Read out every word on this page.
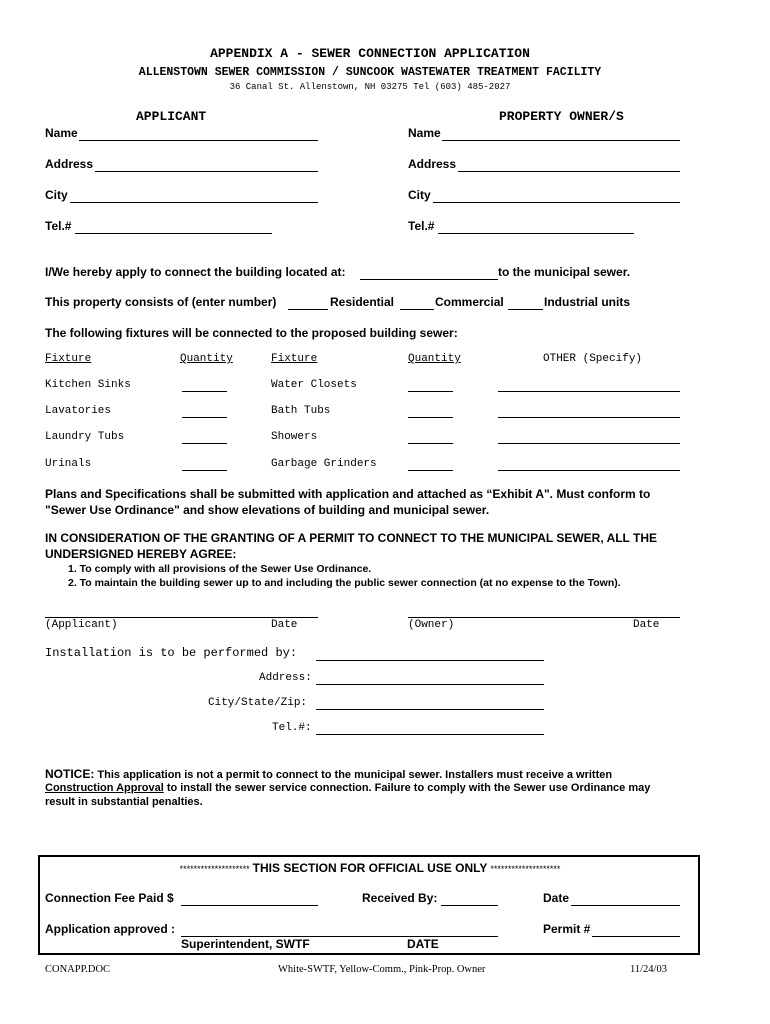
APPENDIX A - SEWER CONNECTION APPLICATION
ALLENSTOWN SEWER COMMISSION / SUNCOOK WASTEWATER TREATMENT FACILITY
36 Canal St. Allenstown, NH 03275 Tel (603) 485-2027
APPLICANT	PROPERTY OWNER/S
Name
Address
City
Tel.#
Name
Address
City
Tel.#
I/We hereby apply to connect the building located at:	to the municipal sewer.
This property consists of (enter number)	Residential	Commercial	Industrial units
The following fixtures will be connected to the proposed building sewer:
Fixture	Quantity	Fixture	Quantity	OTHER (Specify)
Kitchen Sinks	Water Closets
Lavatories	Bath Tubs
Laundry Tubs	Showers
Urinals	Garbage Grinders
Plans and Specifications shall be submitted with application and attached as “Exhibit A". Must conform to
"Sewer Use Ordinance" and show elevations of building and municipal sewer.
IN CONSIDERATION OF THE GRANTING OF A PERMIT TO CONNECT TO THE MUNICIPAL SEWER, ALL THE
UNDERSIGNED HEREBY AGREE:
1. To comply with all provisions of the Sewer Use Ordinance.
2. To maintain the building sewer up to and including the public sewer connection (at no expense to the Town).
(Applicant)	Date	(Owner)	Date
Installation is to be performed by:
Address:
City/State/Zip:
Tel.#:
NOTICE: This application is not a permit to connect to the municipal sewer. Installers must receive a written
Construction Approval to install the sewer service connection. Failure to comply with the Sewer use Ordinance may
result in substantial penalties.
******************** THIS SECTION FOR OFFICIAL USE ONLY ********************
Connection Fee Paid $	Received By:	Date
Application approved :	Permit #
Superintendent, SWTF	DATE
CONAPP.DOC	White-SWTF, Yellow-Comm., Pink-Prop. Owner	11/24/03
